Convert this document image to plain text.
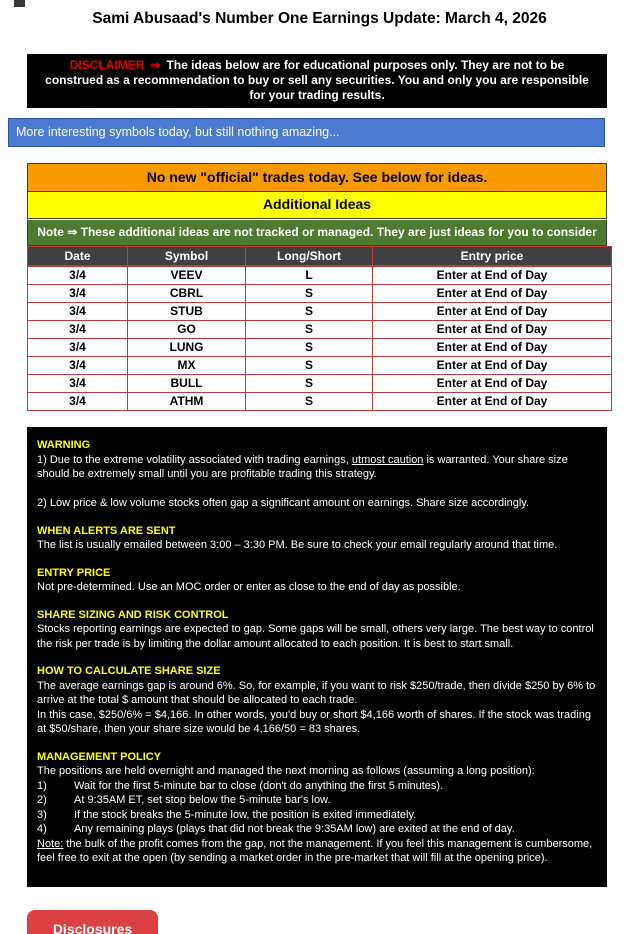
Sami Abusaad's Number One Earnings Update: March 4, 2026
DISCLAIMER ⇒ The ideas below are for educational purposes only. They are not to be construed as a recommendation to buy or sell any securities. You and only you are responsible for your trading results.
More interesting symbols today, but still nothing amazing...
No new "official" trades today. See below for ideas.
Additional Ideas
Note ⇒ These additional ideas are not tracked or managed. They are just ideas for you to consider
Date	Symbol	Long/Short	Entry price
3/4	VEEV	L	Enter at End of Day
3/4	CBRL	S	Enter at End of Day
3/4	STUB	S	Enter at End of Day
3/4	GO	S	Enter at End of Day
3/4	LUNG	S	Enter at End of Day
3/4	MX	S	Enter at End of Day
3/4	BULL	S	Enter at End of Day
3/4	ATHM	S	Enter at End of Day
WARNING

1) Due to the extreme volatility associated with trading earnings, utmost caution is warranted. Your share size should be extremely small until you are profitable trading this strategy.

2) Low price & low volume stocks often gap a significant amount on earnings. Share size accordingly.

WHEN ALERTS ARE SENT

The list is usually emailed between 3:00 – 3:30 PM. Be sure to check your email regularly around that time.

ENTRY PRICE

Not pre-determined. Use an MOC order or enter as close to the end of day as possible.

SHARE SIZING AND RISK CONTROL

Stocks reporting earnings are expected to gap. Some gaps will be small, others very large. The best way to control the risk per trade is by limiting the dollar amount allocated to each position. It is best to start small.

HOW TO CALCULATE SHARE SIZE

The average earnings gap is around 6%. So, for example, if you want to risk $250/trade, then divide $250 by 6% to arrive at the total $ amount that should be allocated to each trade.

In this case, $250/6% = $4,166. In other words, you'd buy or short $4,166 worth of shares. If the stock was trading at $50/share, then your share size would be 4,166/50 = 83 shares.

MANAGEMENT POLICY
The positions are held overnight and managed the next morning as follows (assuming a long position):
1)	Wait for the first 5-minute bar to close (don't do anything the first 5 minutes).
2)	At 9:35AM ET, set stop below the 5-minute bar's low.
3)	If the stock breaks the 5-minute low, the position is exited immediately.
4)	Any remaining plays (plays that did not break the 9:35AM low) are exited at the end of day.
Note: the bulk of the profit comes from the gap, not the management. If you feel this management is cumbersome, feel free to exit at the open (by sending a market order in the pre-market that will fill at the opening price).
Disclosures
